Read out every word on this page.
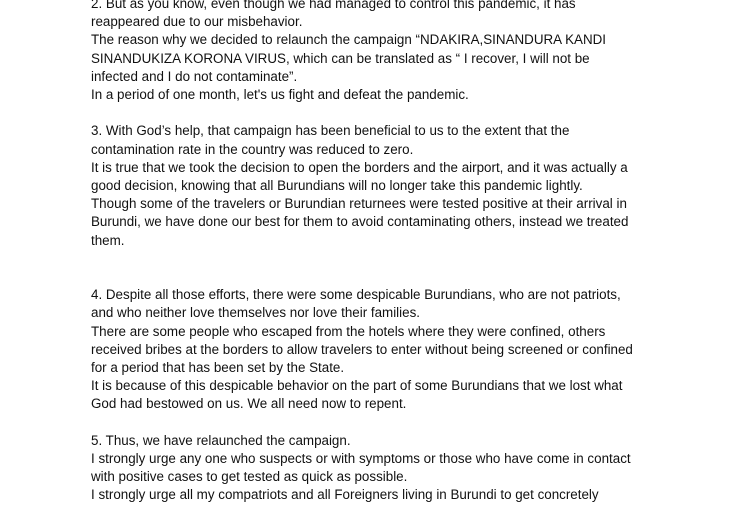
2. But as you know, even though we had managed to control this pandemic, it has
reappeared due to our misbehavior.
The reason why we decided to relaunch the campaign “NDAKIRA,SINANDURA KANDI
SINANDUKIZA KORONA VIRUS, which can be translated as “ I recover, I will not be
infected and I do not contaminate”.
In a period of one month, let's us fight and defeat the pandemic.
3. With God’s help, that campaign has been beneficial to us to the extent that the
contamination rate in the country was reduced to zero.
It is true that we took the decision to open the borders and the airport, and it was actually a
good decision, knowing that all Burundians will no longer take this pandemic lightly.
Though some of the travelers or Burundian returnees were tested positive at their arrival in
Burundi, we have done our best for them to avoid contaminating others, instead we treated
them.
4. Despite all those efforts, there were some despicable Burundians, who are not patriots,
and who neither love themselves nor love their families.
There are some people who escaped from the hotels where they were confined, others
received bribes at the borders to allow travelers to enter without being screened or confined
for a period that has been set by the State.
It is because of this despicable behavior on the part of some Burundians that we lost what
God had bestowed on us. We all need now to repent.
5. Thus, we have relaunched the campaign.
I strongly urge any one who suspects or with symptoms or those who have come in contact
with positive cases to get tested as quick as possible.
I strongly urge all my compatriots and all Foreigners living in Burundi to get concretely
